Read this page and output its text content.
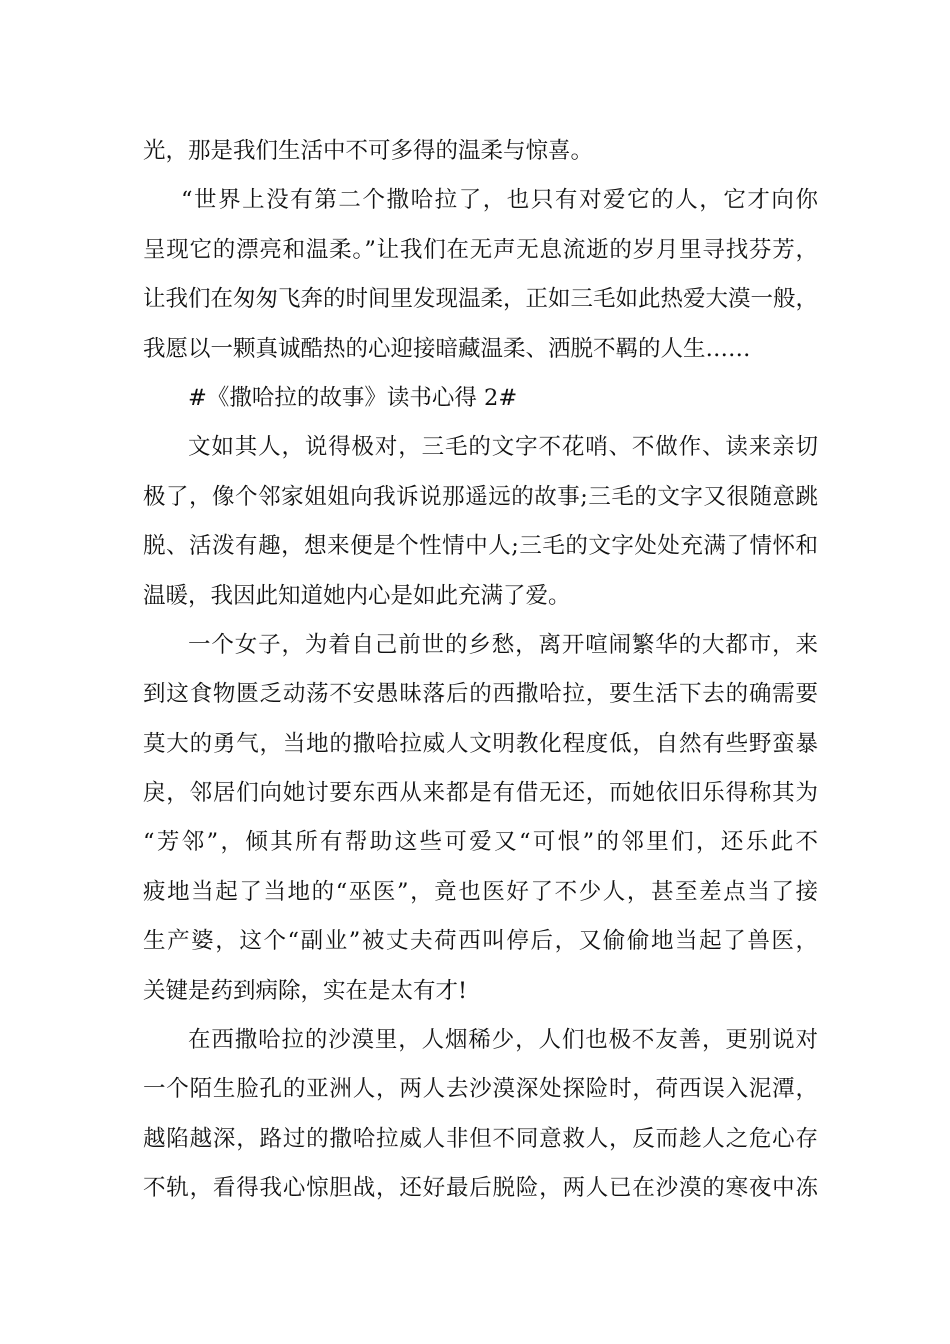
光，那是我们生活中不可多得的温柔与惊喜。
“世界上没有第二个撒哈拉了，也只有对爱它的人，它才向你
呈现它的漂亮和温柔。”让我们在无声无息流逝的岁月里寻找芬芳，
让我们在匆匆飞奔的时间里发现温柔，正如三毛如此热爱大漠一般，
我愿以一颗真诚酷热的心迎接暗藏温柔、洒脱不羁的人生……
#《撒哈拉的故事》读书心得 2#
文如其人，说得极对，三毛的文字不花哨、不做作、读来亲切
极了，像个邻家姐姐向我诉说那遥远的故事;三毛的文字又很随意跳
脱、活泼有趣，想来便是个性情中人;三毛的文字处处充满了情怀和
温暖，我因此知道她内心是如此充满了爱。
一个女子，为着自己前世的乡愁，离开喧闹繁华的大都市，来
到这食物匮乏动荡不安愚昧落后的西撒哈拉，要生活下去的确需要
莫大的勇气，当地的撒哈拉威人文明教化程度低，自然有些野蛮暴
戾，邻居们向她讨要东西从来都是有借无还，而她依旧乐得称其为
“芳邻”，倾其所有帮助这些可爱又“可恨”的邻里们，还乐此不
疲地当起了当地的“巫医”，竟也医好了不少人，甚至差点当了接
生产婆，这个“副业”被丈夫荷西叫停后，又偷偷地当起了兽医，
关键是药到病除，实在是太有才!
在西撒哈拉的沙漠里，人烟稀少，人们也极不友善，更别说对
一个陌生脸孔的亚洲人，两人去沙漠深处探险时，荷西误入泥潭，
越陷越深，路过的撒哈拉威人非但不同意救人，反而趁人之危心存
不轨，看得我心惊胆战，还好最后脱险，两人已在沙漠的寒夜中冻
